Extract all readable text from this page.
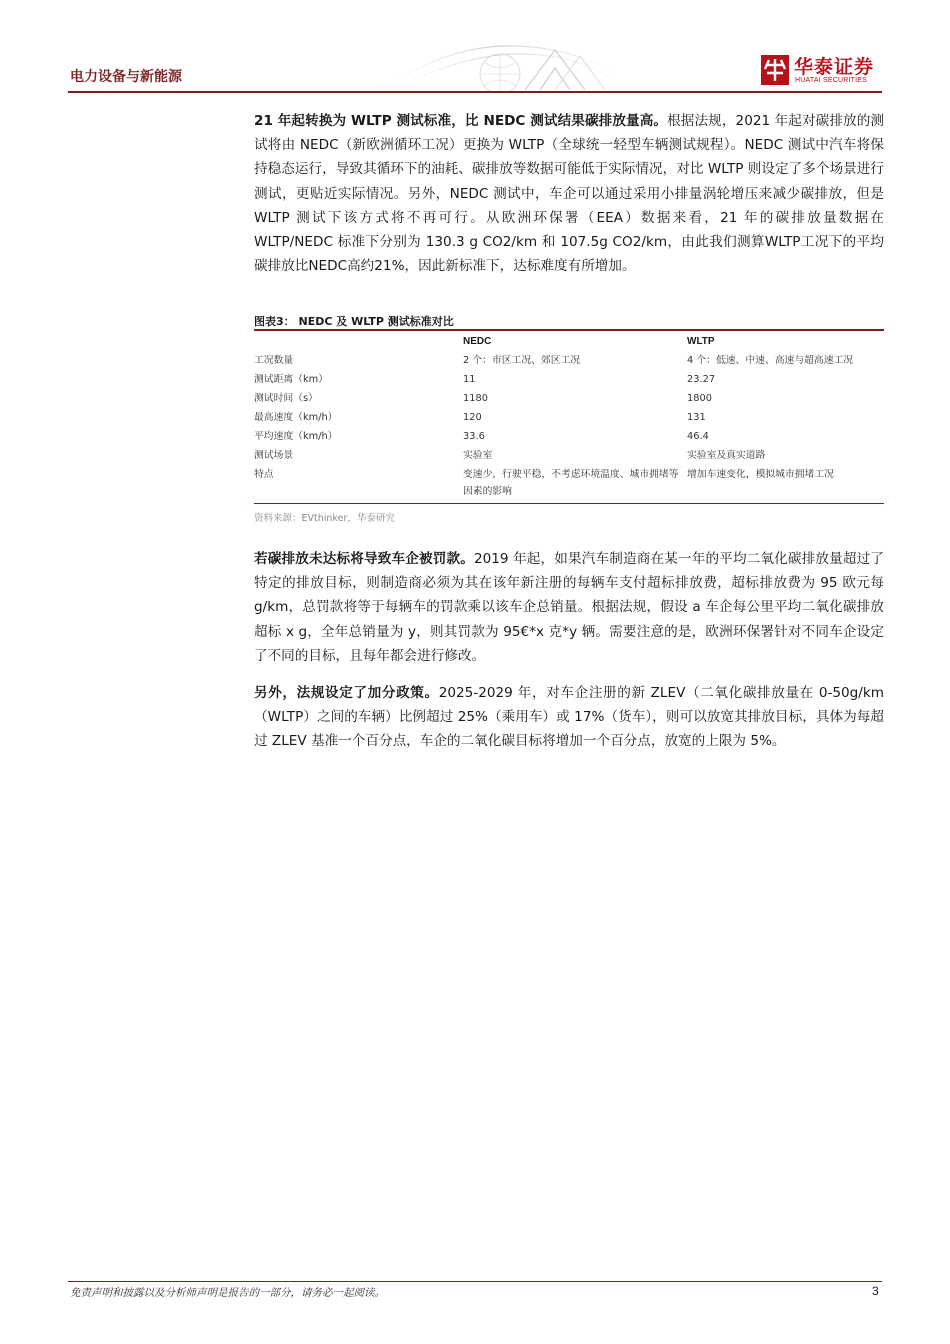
电力设备与新能源	华泰证券
HUATAI SECURITIES

21 年起转换为 WLTP 测试标准，比 NEDC 测试结果碳排放量高。根据法规，2021 年起对碳排放的测试将由 NEDC（新欧洲循环工况）更换为 WLTP（全球统一轻型车辆测试规程）。NEDC 测试中汽车将保持稳态运行，导致其循环下的油耗、碳排放等数据可能低于实际情况，对比 WLTP 则设定了多个场景进行测试，更贴近实际情况。另外，NEDC 测试中，车企可以通过采用小排量涡轮增压来减少碳排放，但是 WLTP 测试下该方式将不再可行。从欧洲环保署（EEA）数据来看，21 年的碳排放量数据在 WLTP/NEDC 标准下分别为 130.3 g CO2/km 和 107.5g CO2/km，由此我们测算WLTP工况下的平均碳排放比NEDC高约21%，因此新标准下，达标难度有所增加。

图表3： NEDC 及 WLTP 测试标准对比
	NEDC	WLTP
工况数量	2 个：市区工况、郊区工况	4 个：低速、中速、高速与超高速工况
测试距离（km）	11	23.27
测试时间（s）	1180	1800
最高速度（km/h）	120	131
平均速度（km/h）	33.6	46.4
测试场景	实验室	实验室及真实道路
特点	变速少，行驶平稳，不考虑环境温度、城市拥堵等因素的影响	增加车速变化，模拟城市拥堵工况
资料来源：EVthinker，华泰研究

若碳排放未达标将导致车企被罚款。2019 年起，如果汽车制造商在某一年的平均二氧化碳排放量超过了特定的排放目标，则制造商必须为其在该年新注册的每辆车支付超标排放费，超标排放费为 95 欧元每 g/km，总罚款将等于每辆车的罚款乘以该车企总销量。根据法规，假设 a 车企每公里平均二氧化碳排放超标 x g，全年总销量为 y，则其罚款为 95€*x 克*y 辆。需要注意的是，欧洲环保署针对不同车企设定了不同的目标，且每年都会进行修改。

另外，法规设定了加分政策。2025-2029 年，对车企注册的新 ZLEV（二氧化碳排放量在 0-50g/km（WLTP）之间的车辆）比例超过 25%（乘用车）或 17%（货车），则可以放宽其排放目标，具体为每超过 ZLEV 基准一个百分点，车企的二氧化碳目标将增加一个百分点，放宽的上限为 5%。

免责声明和披露以及分析师声明是报告的一部分，请务必一起阅读。	3
